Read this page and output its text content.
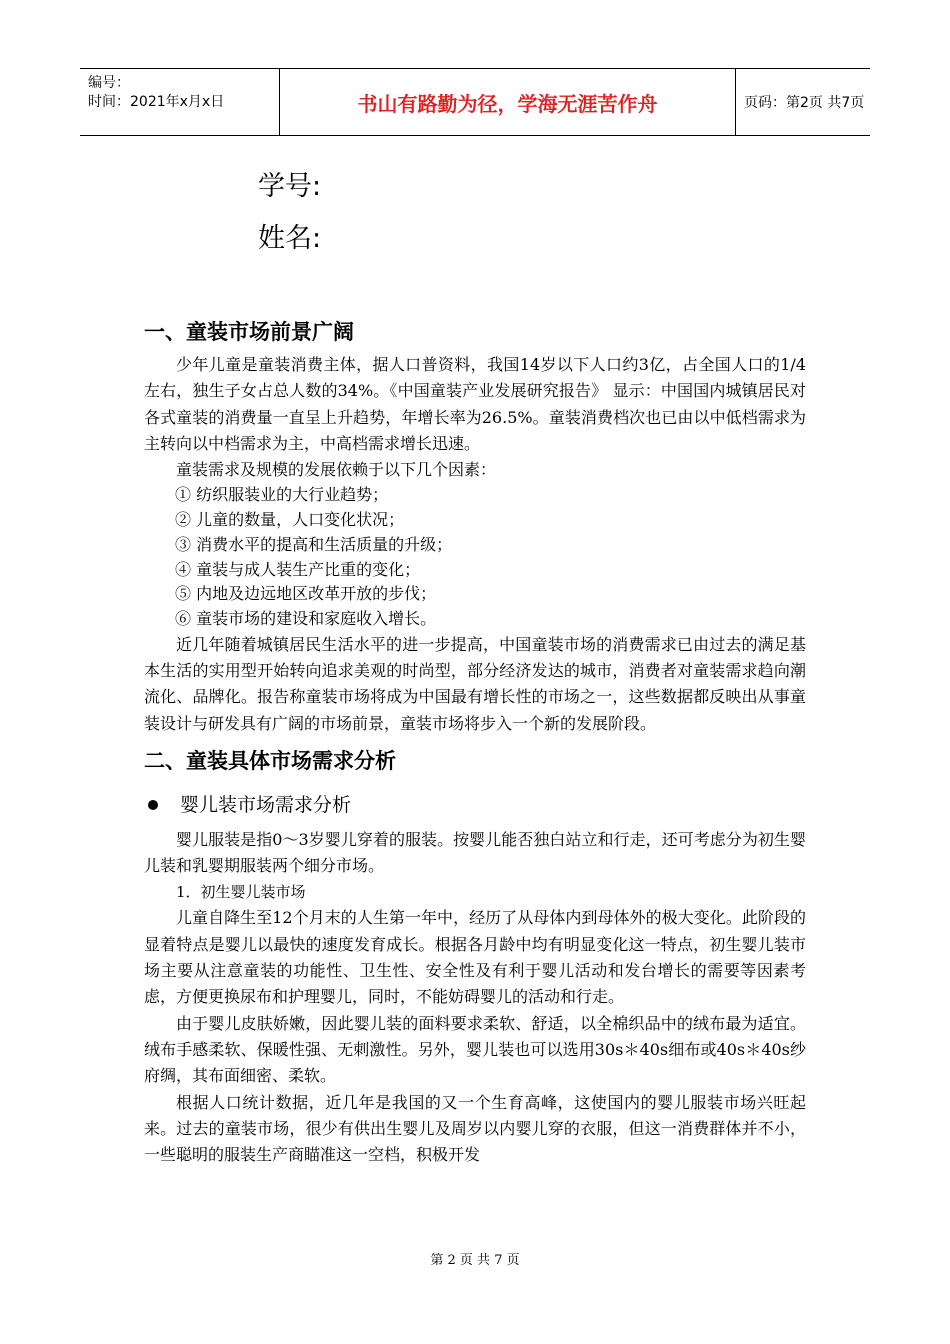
编号：
时间：2021年x月x日	书山有路勤为径，学海无涯苦作舟	页码：第2页 共7页
学号:
姓名:
一、童装市场前景广阔

少年儿童是童装消费主体，据人口普资料，我国14岁以下人口约3亿，占全国人口的1/4左右，独生子女占总人数的34%。《中国童装产业发展研究报告》 显示：中国国内城镇居民对各式童装的消费量一直呈上升趋势，年增长率为26.5%。童装消费档次也已由以中低档需求为主转向以中档需求为主，中高档需求增长迅速。

童装需求及规模的发展依赖于以下几个因素：

① 纺织服装业的大行业趋势；

② 儿童的数量，人口变化状况；

③ 消费水平的提高和生活质量的升级；

④ 童装与成人装生产比重的变化；

⑤ 内地及边远地区改革开放的步伐；

⑥ 童装市场的建设和家庭收入增长。

近几年随着城镇居民生活水平的进一步提高，中国童装市场的消费需求已由过去的满足基本生活的实用型开始转向追求美观的时尚型，部分经济发达的城市，消费者对童装需求趋向潮流化、品牌化。报告称童装市场将成为中国最有增长性的市场之一，这些数据都反映出从事童装设计与研发具有广阔的市场前景，童装市场将步入一个新的发展阶段。

二、童装具体市场需求分析
婴儿装市场需求分析

婴儿服装是指0～3岁婴儿穿着的服装。按婴儿能否独白站立和行走，还可考虑分为初生婴儿装和乳婴期服装两个细分市场。

1．初生婴儿装市场

儿童自降生至12个月末的人生第一年中，经历了从母体内到母体外的极大变化。此阶段的显着特点是婴儿以最快的速度发育成长。根据各月龄中均有明显变化这一特点，初生婴儿装市场主要从注意童装的功能性、卫生性、安全性及有利于婴儿活动和发台增长的需要等因素考虑，方便更换尿布和护理婴儿，同时，不能妨碍婴儿的活动和行走。

由于婴儿皮肤娇嫩，因此婴儿装的面料要求柔软、舒适，以全棉织品中的绒布最为适宜。绒布手感柔软、保暖性强、无刺激性。另外，婴儿装也可以选用30s＊40s细布或40s＊40s纱府绸，其布面细密、柔软。

根据人口统计数据，近几年是我国的又一个生育高峰，这使国内的婴儿服装市场兴旺起来。过去的童装市场，很少有供出生婴儿及周岁以内婴儿穿的衣服，但这一消费群体并不小，一些聪明的服装生产商瞄准这一空档，积极开发

第 2 页 共 7 页
